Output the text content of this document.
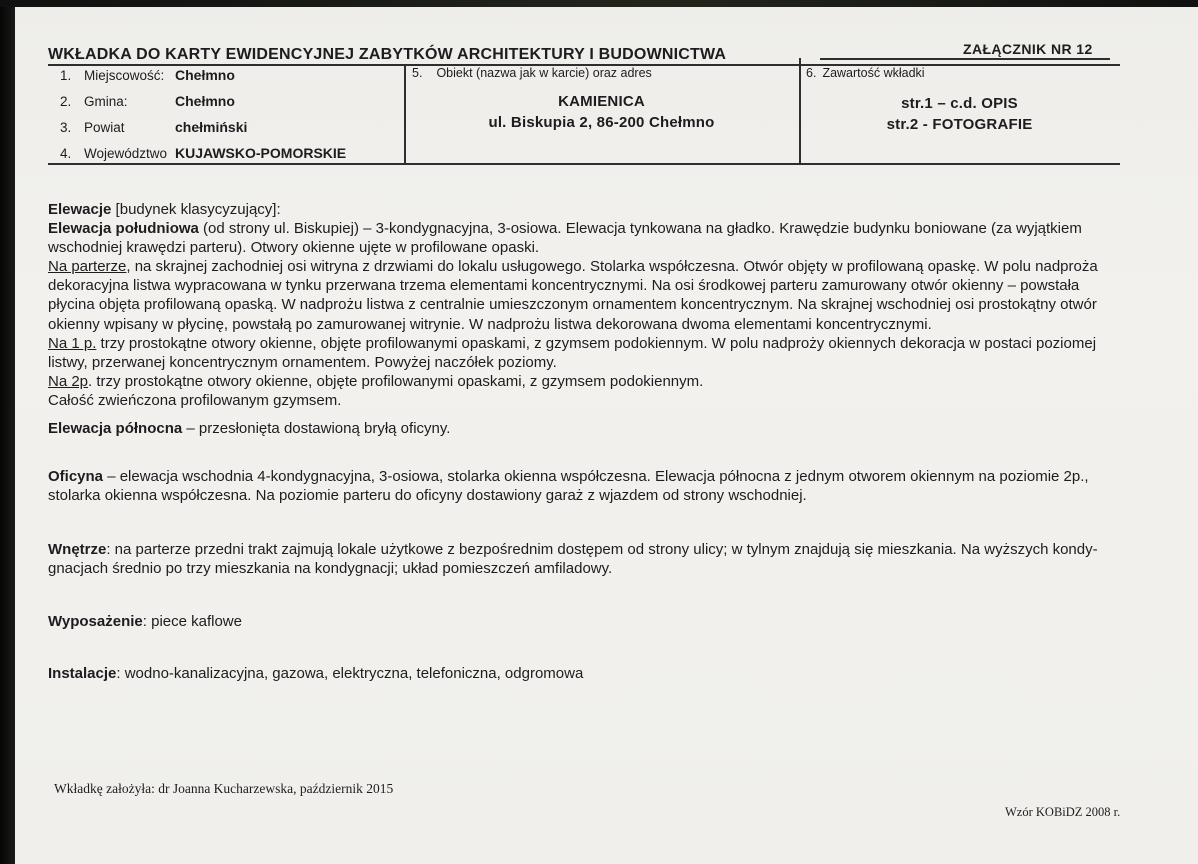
WKŁADKA DO KARTY EWIDENCYJNEJ ZABYTKÓW ARCHITEKTURY I BUDOWNICTWA	ZAŁĄCZNIK NR 12
1. Miejscowość: Chełmno
2. Gmina:	Chełmno
3. Powiat	chełmiński
4. Województwo KUJAWSKO-POMORSKIE
5. Obiekt (nazwa jak w karcie) oraz adres
KAMIENICA
ul. Biskupia 2, 86-200 Chełmno
6. Zawartość wkładki
str.1 – c.d. OPIS
str.2 - FOTOGRAFIE
Elewacje [budynek klasycyzujący]:
Elewacja południowa (od strony ul. Biskupiej) – 3-kondygnacyjna, 3-osiowa. Elewacja tynkowana na gładko. Krawędzie budynku boniowane (za wyjątkiem
wschodniej krawędzi parteru). Otwory okienne ujęte w profilowane opaski.
Na parterze, na skrajnej zachodniej osi witryna z drzwiami do lokalu usługowego. Stolarka współczesna. Otwór objęty w profilowaną opaskę. W polu nadproża
dekoracyjna listwa wypracowana w tynku przerwana trzema elementami koncentrycznymi. Na osi środkowej parteru zamurowany otwór okienny – powstała
płycina objęta profilowaną opaską. W nadprożu listwa z centralnie umieszczonym ornamentem koncentrycznym. Na skrajnej wschodniej osi prostokątny otwór
okienny wpisany w płycinę, powstałą po zamurowanej witrynie. W nadprożu listwa dekorowana dwoma elementami koncentrycznymi.
Na 1 p. trzy prostokątne otwory okienne, objęte profilowanymi opaskami, z gzymsem podokiennym. W polu nadproży okiennych dekoracja w postaci poziomej
listwy, przerwanej koncentrycznym ornamentem. Powyżej naczółek poziomy.
Na 2p. trzy prostokątne otwory okienne, objęte profilowanymi opaskami, z gzymsem podokiennym.
Całość zwieńczona profilowanym gzymsem.
Elewacja północna – przesłonięta dostawioną bryłą oficyny.
Oficyna – elewacja wschodnia 4-kondygnacyjna, 3-osiowa, stolarka okienna współczesna. Elewacja północna z jednym otworem okiennym na poziomie 2p.,
stolarka okienna współczesna. Na poziomie parteru do oficyny dostawiony garaż z wjazdem od strony wschodniej.
Wnętrze: na parterze przedni trakt zajmują lokale użytkowe z bezpośrednim dostępem od strony ulicy; w tylnym znajdują się mieszkania. Na wyższych kondy-
gnacjach średnio po trzy mieszkania na kondygnacji; układ pomieszczeń amfiladowy.
Wyposażenie: piece kaflowe
Instalacje: wodno-kanalizacyjna, gazowa, elektryczna, telefoniczna, odgromowa
Wkładkę założyła: dr Joanna Kucharzewska, październik 2015
Wzór KOBiDZ 2008 r.
